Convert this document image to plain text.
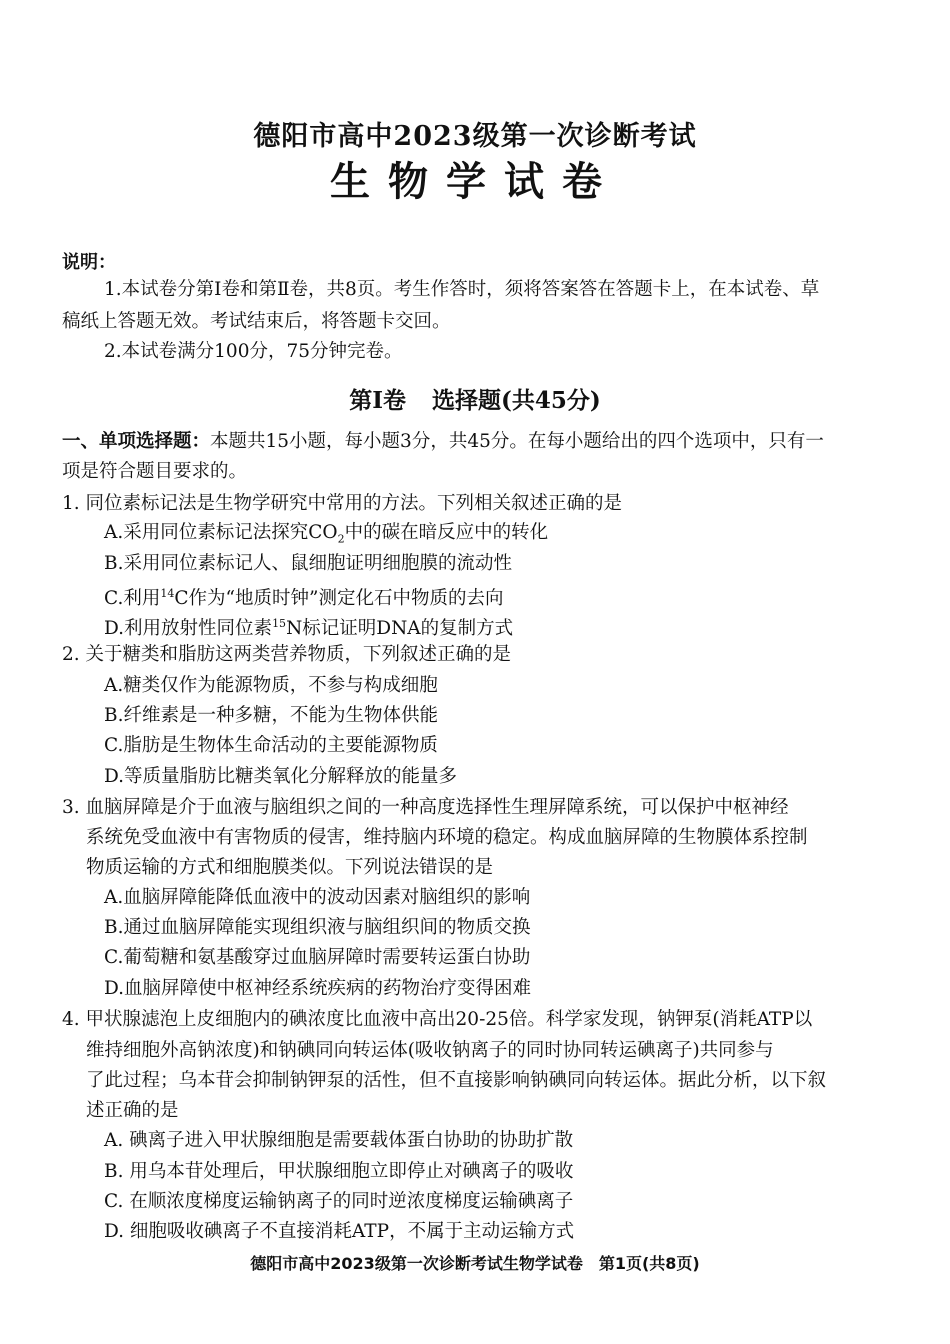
德阳市高中2023级第一次诊断考试
生物学试卷
说明：
1.本试卷分第Ⅰ卷和第Ⅱ卷，共8页。考生作答时，须将答案答在答题卡上，在本试卷、草
稿纸上答题无效。考试结束后，将答题卡交回。
2.本试卷满分100分，75分钟完卷。
第Ⅰ卷 选择题(共45分)
一、单项选择题：本题共15小题，每小题3分，共45分。在每小题给出的四个选项中，只有一
项是符合题目要求的。
1. 同位素标记法是生物学研究中常用的方法。下列相关叙述正确的是
A.采用同位素标记法探究$CO_2$中的碳在暗反应中的转化
B.采用同位素标记人、鼠细胞证明细胞膜的流动性
C.利用$^{14}$C作为“地质时钟”测定化石中物质的去向
D.利用放射性同位素$^{15}$N标记证明DNA的复制方式
2. 关于糖类和脂肪这两类营养物质，下列叙述正确的是
A.糖类仅作为能源物质，不参与构成细胞
B.纤维素是一种多糖，不能为生物体供能
C.脂肪是生物体生命活动的主要能源物质
D.等质量脂肪比糖类氧化分解释放的能量多
3. 血脑屏障是介于血液与脑组织之间的一种高度选择性生理屏障系统，可以保护中枢神经
系统免受血液中有害物质的侵害，维持脑内环境的稳定。构成血脑屏障的生物膜体系控制
物质运输的方式和细胞膜类似。下列说法错误的是
A.血脑屏障能降低血液中的波动因素对脑组织的影响
B.通过血脑屏障能实现组织液与脑组织间的物质交换
C.葡萄糖和氨基酸穿过血脑屏障时需要转运蛋白协助
D.血脑屏障使中枢神经系统疾病的药物治疗变得困难
4. 甲状腺滤泡上皮细胞内的碘浓度比血液中高出20-25倍。科学家发现，钠钾泵(消耗ATP以
维持细胞外高钠浓度)和钠碘同向转运体(吸收钠离子的同时协同转运碘离子)共同参与
了此过程；乌本苷会抑制钠钾泵的活性，但不直接影响钠碘同向转运体。据此分析，以下叙
述正确的是
A. 碘离子进入甲状腺细胞是需要载体蛋白协助的协助扩散
B. 用乌本苷处理后，甲状腺细胞立即停止对碘离子的吸收
C. 在顺浓度梯度运输钠离子的同时逆浓度梯度运输碘离子
D. 细胞吸收碘离子不直接消耗ATP，不属于主动运输方式
德阳市高中2023级第一次诊断考试生物学试卷　第1页(共8页)
